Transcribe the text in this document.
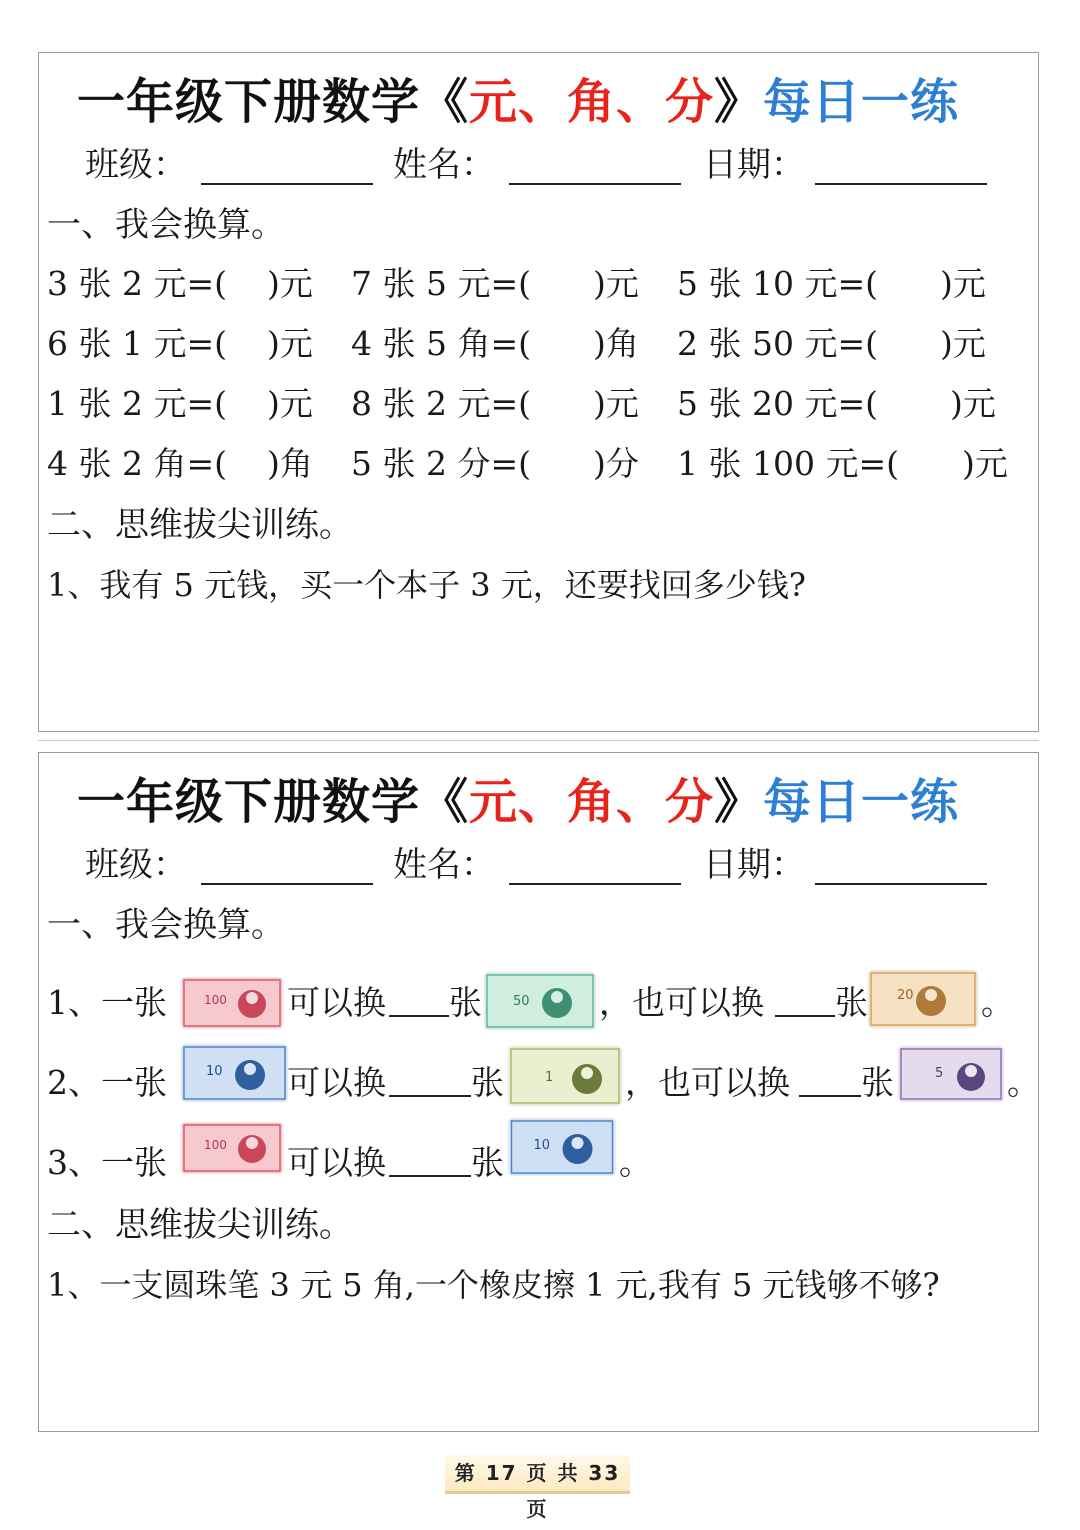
一年级下册数学《元、角、分》每日一练
班级：	姓名：	日期：
一、我会换算。
3 张 2 元=( )元 7 张 5 元=( )元 5 张 10 元=( )元
6 张 1 元=( )元 4 张 5 角=( )角 2 张 50 元=( )元
1 张 2 元=( )元 8 张 2 元=( )元 5 张 20 元=( )元
4 张 2 角=( )角 5 张 2 分=( )分 1 张 100 元=( )元
二、思维拔尖训练。
1、我有 5 元钱，买一个本子 3 元，还要找回多少钱?
一年级下册数学《元、角、分》每日一练
班级：	姓名：	日期：
一、我会换算。
1、一张	100 可以换 张 50 ，也可以换 张 20 。
2、一张	10 可以换	张	1 ，也可以换 张	5 。
3、一张	100 可以换	张 10 。
二、思维拔尖训练。
1、一支圆珠笔 3 元 5 角,一个橡皮擦 1 元,我有 5 元钱够不够?
第 17 页 共 33 页
